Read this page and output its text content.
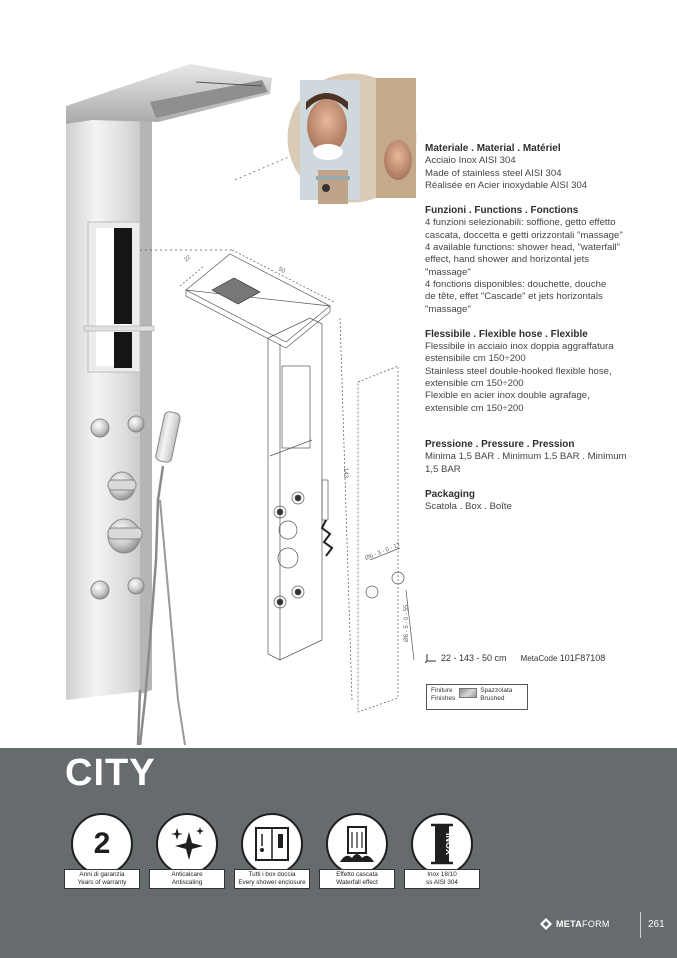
22
50
143
Ø6 - 3 - 0 - 17
Ø6 - 5 - 0 - 55
Materiale . Material . Matériel
Acciaio Inox AISI 304
Made of stainless steel AISI 304
Réalisée en Acier inoxydable AISI 304
Funzioni . Functions . Fonctions
4 funzioni selezionabili: soffione, getto effetto
cascata, doccetta e getti orizzontali "massage"
4 available functions: shower head, "waterfall"
effect, hand shower and horizontal jets
"massage"
4 fonctions disponibles: douchette, douche
de tête, effet "Cascade" et jets horizontals
"massage"
Flessibile . Flexible hose . Flexible
Flessibile in acciaio inox doppia aggraffatura
estensibile cm 150÷200
Stainless steel double-hooked flexible hose,
extensible cm 150÷200
Flexible en acier inox double agrafage,
extensible cm 150÷200
Pressione . Pressure . Pression
Minima 1,5 BAR . Minimum 1.5 BAR . Minimum
1,5 BAR
Packaging
Scatola . Box . Boîte
22 - 143 - 50 cm MetaCode 101F87108
Finiture
Finishes
Spazzolata
Brushed
CITY
2
Anni di garanzia
Years of warranty
Anticalcare
Antiscaling
Tutti i box doccia
Every shower enclosure
Effetto cascata
Waterfall effect
INOX
Inox 18/10
ss AISI 304
METAFORM	261
